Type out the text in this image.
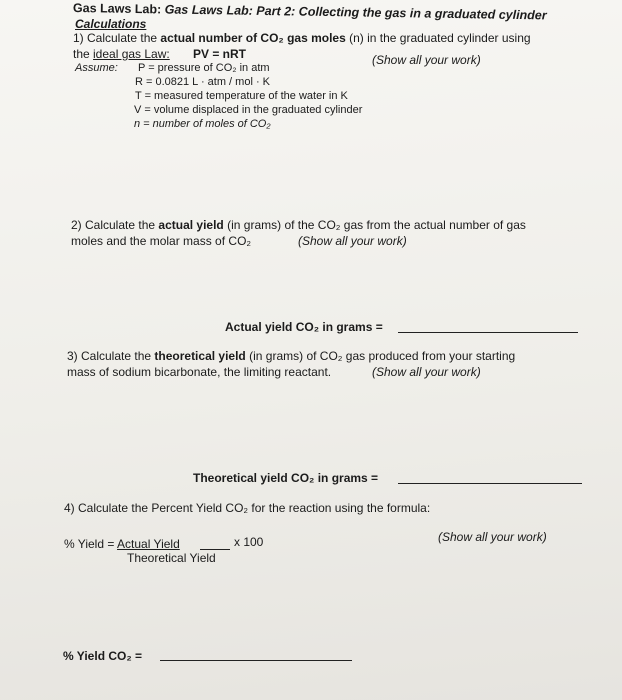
Gas Laws Lab: Gas Laws Lab: Part 2: Collecting the gas in a graduated cylinder
Calculations
1) Calculate the actual number of CO₂ gas moles (n) in the graduated cylinder using
the ideal gas Law: PV = nRT	(Show all your work)
Assume: P = pressure of CO₂ in atm
R = 0.0821 L · atm / mol · K
T = measured temperature of the water in K
V = volume displaced in the graduated cylinder
n = number of moles of CO₂
2) Calculate the actual yield (in grams) of the CO₂ gas from the actual number of gas
moles and the molar mass of CO₂	(Show all your work)
Actual yield CO₂ in grams =
3) Calculate the theoretical yield (in grams) of CO₂ gas produced from your starting
mass of sodium bicarbonate, the limiting reactant.	(Show all your work)
Theoretical yield CO₂ in grams =
4) Calculate the Percent Yield CO₂ for the reaction using the formula:
% Yield = Actual Yield	x 100
Theoretical Yield
(Show all your work)
% Yield CO₂ =
